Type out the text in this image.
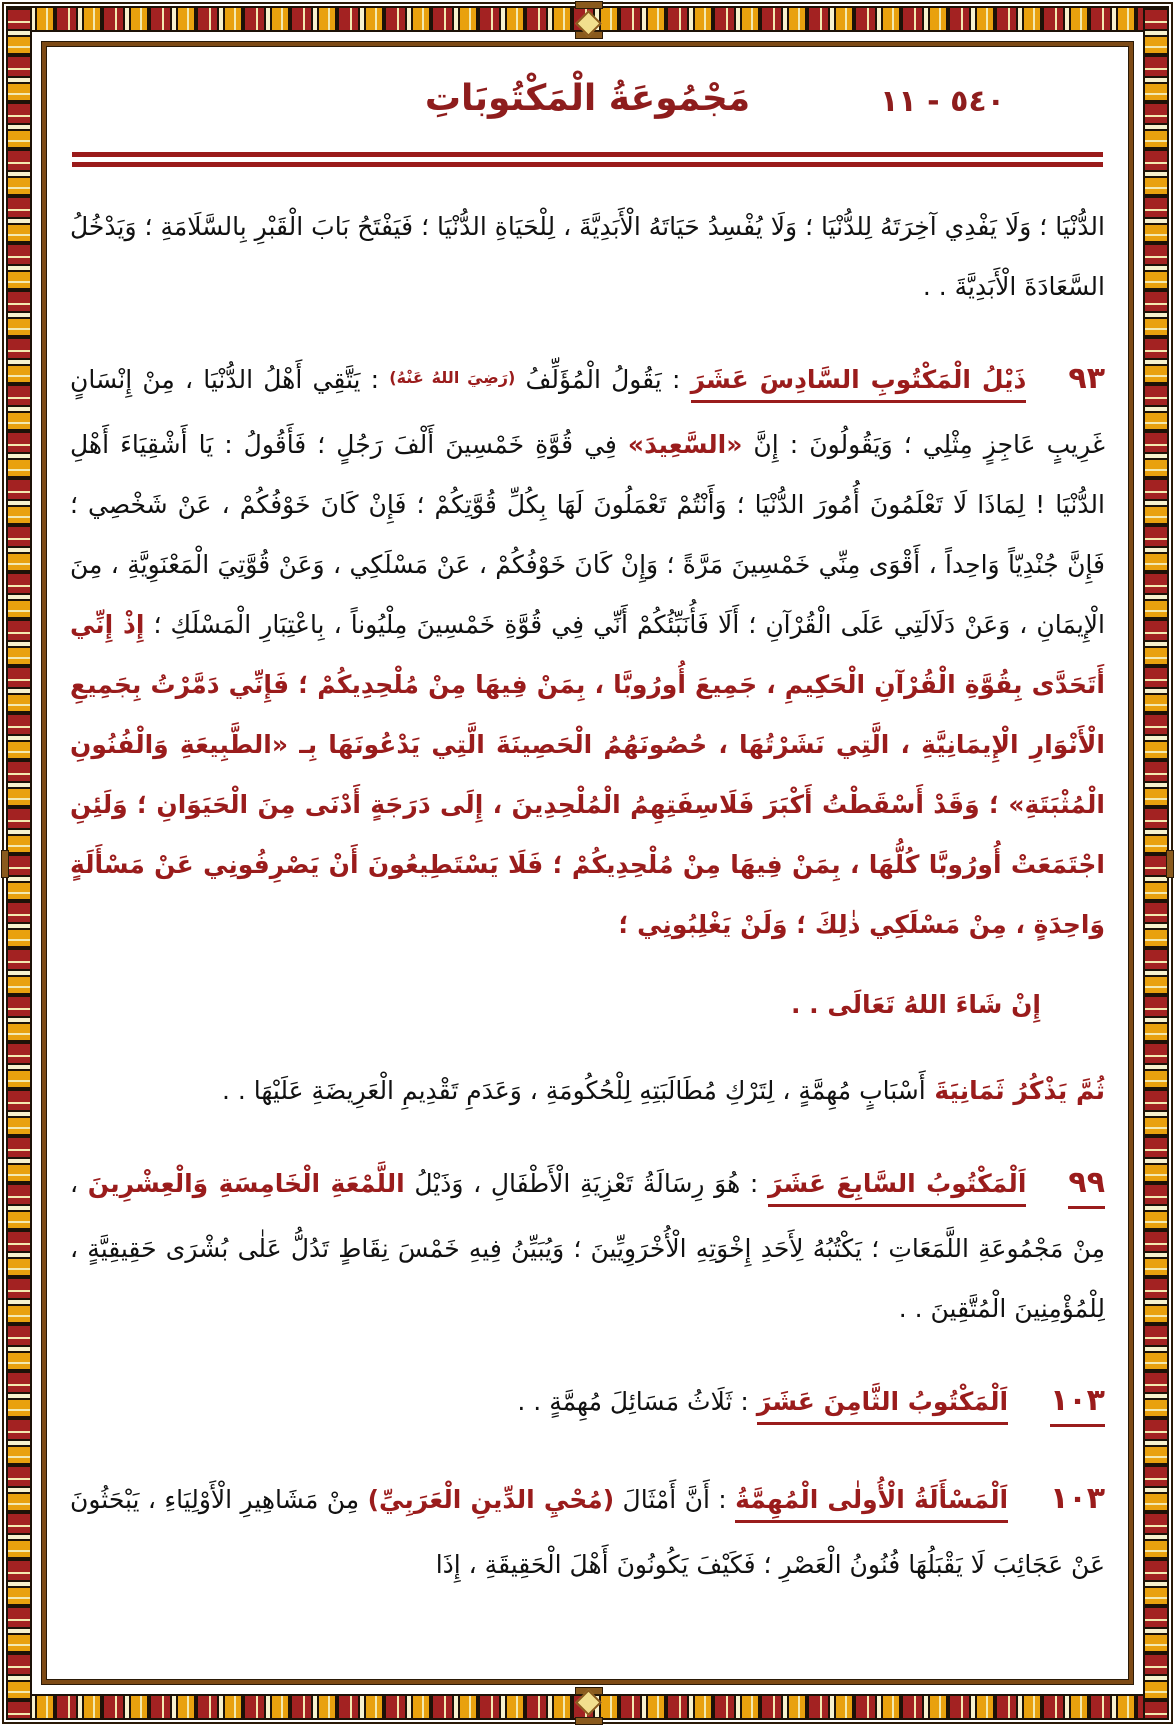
٥٤٠ - ١١
مَجْمُوعَةُ الْمَكْتُوبَاتِ
الدُّنْيَا ؛ وَلَا يَفْدِي آخِرَتَهُ لِلدُّنْيَا ؛ وَلَا يُفْسِدُ حَيَاتَهُ الْأَبَدِيَّةَ ، لِلْحَيَاةِ الدُّنْيَا ؛ فَيَفْتَحُ بَابَ الْقَبْرِ بِالسَّلَامَةِ ؛ وَيَدْخُلُ السَّعَادَةَ الْأَبَدِيَّةَ . .
٩٣ذَيْلُ الْمَكْتُوبِ السَّادِسَ عَشَرَ : يَقُولُ الْمُؤَلِّفُ $^{(رَضِيَ اللهُ عَنْهُ)}$ : يَتَّقِي أَهْلُ الدُّنْيَا ، مِنْ إِنْسَانٍ غَرِيبٍ عَاجِزٍ مِثْلِي ؛ وَيَقُولُونَ : إِنَّ «السَّعِيدَ» فِي قُوَّةِ خَمْسِينَ أَلْفَ رَجُلٍ ؛ فَأَقُولُ : يَا أَشْقِيَاءَ أَهْلِ الدُّنْيَا ! لِمَاذَا لَا تَعْلَمُونَ أُمُورَ الدُّنْيَا ؛ وَأَنْتُمْ تَعْمَلُونَ لَهَا بِكُلِّ قُوَّتِكُمْ ؛ فَإِنْ كَانَ خَوْفُكُمْ ، عَنْ شَخْصِي ؛ فَإِنَّ جُنْدِيّاً وَاحِداً ، أَقْوَى مِنِّي خَمْسِينَ مَرَّةً ؛ وَإِنْ كَانَ خَوْفُكُمْ ، عَنْ مَسْلَكِي ، وَعَنْ قُوَّتِيَ الْمَعْنَوِيَّةِ ، مِنَ الْإِيمَانِ ، وَعَنْ دَلَالَتِي عَلَى الْقُرْآنِ ؛ أَلَا فَأُنَبِّئُكُمْ أَنِّي فِي قُوَّةِ خَمْسِينَ مِلْيُوناً ، بِاعْتِبَارِ الْمَسْلَكِ ؛ إِذْ إِنِّي أَتَحَدَّى بِقُوَّةِ الْقُرْآنِ الْحَكِيمِ ، جَمِيعَ أُورُوبَّا ، بِمَنْ فِيهَا مِنْ مُلْحِدِيكُمْ ؛ فَإِنِّي دَمَّرْتُ بِجَمِيعِ الْأَنْوَارِ الْإِيمَانِيَّةِ ، الَّتِي نَشَرْتُهَا ، حُصُونَهُمُ الْحَصِينَةَ الَّتِي يَدْعُونَهَا بِـ «الطَّبِيعَةِ وَالْفُنُونِ الْمُثْبَتَةِ» ؛ وَقَدْ أَسْقَطْتُ أَكْبَرَ فَلَاسِفَتِهِمُ الْمُلْحِدِينَ ، إِلَى دَرَجَةٍ أَدْنَى مِنَ الْحَيَوَانِ ؛ وَلَئِنِ اجْتَمَعَتْ أُورُوبَّا كُلُّهَا ، بِمَنْ فِيهَا مِنْ مُلْحِدِيكُمْ ؛ فَلَا يَسْتَطِيعُونَ أَنْ يَصْرِفُونِي عَنْ مَسْأَلَةٍ وَاحِدَةٍ ، مِنْ مَسْلَكِي ذٰلِكَ ؛ وَلَنْ يَغْلِبُونِي ؛
إِنْ شَاءَ اللهُ تَعَالَى . .
ثُمَّ يَذْكُرُ ثَمَانِيَةَ أَسْبَابٍ مُهِمَّةٍ ، لِتَرْكِ مُطَالَبَتِهِ لِلْحُكُومَةِ ، وَعَدَمِ تَقْدِيمِ الْعَرِيضَةِ عَلَيْهَا . .
٩٩اَلْمَكْتُوبُ السَّابِعَ عَشَرَ : هُوَ رِسَالَةُ تَعْزِيَةِ الْأَطْفَالِ ، وَذَيْلُ اللَّمْعَةِ الْخَامِسَةِ وَالْعِشْرِينَ ، مِنْ مَجْمُوعَةِ اللَّمَعَاتِ ؛ يَكْتُبُهُ لِأَحَدِ إِخْوَتِهِ الْأُخْرَوِيِّينَ ؛ وَيُبَيِّنُ فِيهِ خَمْسَ نِقَاطٍ تَدُلُّ عَلٰى بُشْرَى حَقِيقِيَّةٍ ، لِلْمُؤْمِنِينَ الْمُتَّقِينَ . .
١٠٣اَلْمَكْتُوبُ الثَّامِنَ عَشَرَ : ثَلَاثُ مَسَائِلَ مُهِمَّةٍ . .
١٠٣اَلْمَسْأَلَةُ الْأُولٰى الْمُهِمَّةُ : أَنَّ أَمْثَالَ (مُحْيِ الدِّينِ الْعَرَبِيِّ) مِنْ مَشَاهِيرِ الْأَوْلِيَاءِ ، يَبْحَثُونَ عَنْ عَجَائِبَ لَا يَقْبَلُهَا فُنُونُ الْعَصْرِ ؛ فَكَيْفَ يَكُونُونَ أَهْلَ الْحَقِيقَةِ ، إِذَا
